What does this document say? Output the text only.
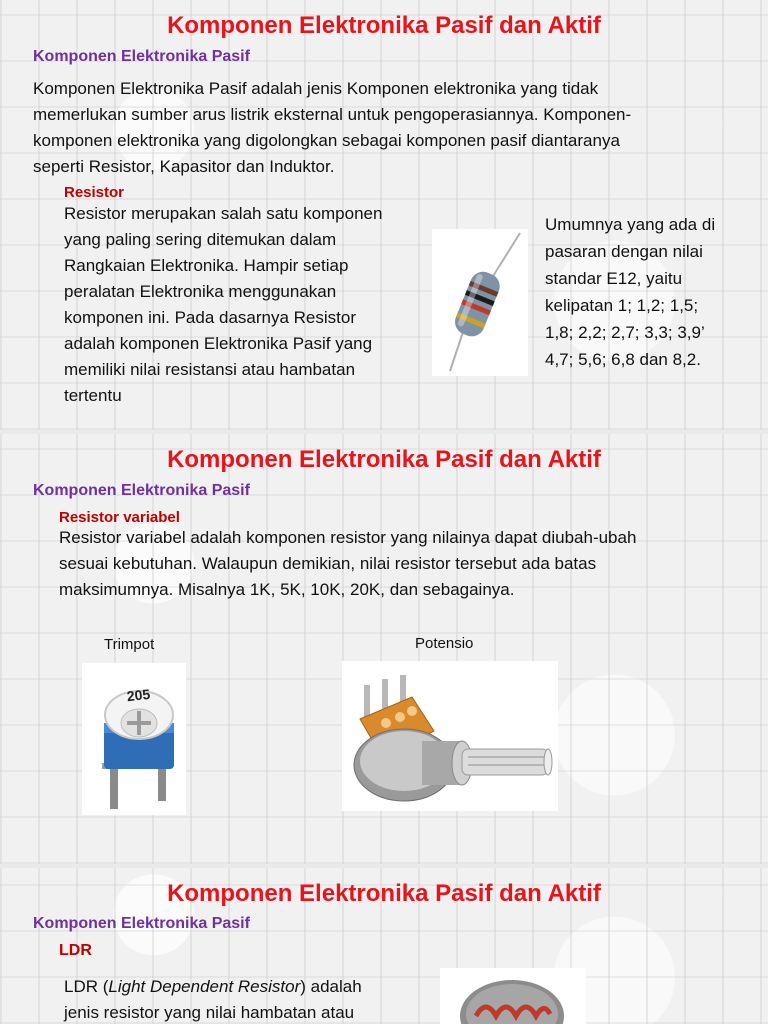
Komponen Elektronika Pasif dan Aktif
Komponen Elektronika Pasif
Komponen Elektronika Pasif adalah jenis Komponen elektronika yang tidak
memerlukan sumber arus listrik eksternal untuk pengoperasiannya. Komponen-
komponen elektronika yang digolongkan sebagai komponen pasif diantaranya
seperti Resistor, Kapasitor dan Induktor.
Resistor
Resistor merupakan salah satu komponen
yang paling sering ditemukan dalam
Rangkaian Elektronika. Hampir setiap
peralatan Elektronika menggunakan
komponen ini. Pada dasarnya Resistor
adalah komponen Elektronika Pasif yang
memiliki nilai resistansi atau hambatan
tertentu
Umumnya yang ada di
pasaran dengan nilai
standar E12, yaitu
kelipatan 1; 1,2; 1,5;
1,8; 2,2; 2,7; 3,3; 3,9’
4,7; 5,6; 6,8 dan 8,2.
Komponen Elektronika Pasif dan Aktif
Komponen Elektronika Pasif
Resistor variabel
Resistor variabel adalah komponen resistor yang nilainya dapat diubah-ubah
sesuai kebutuhan. Walaupun demikian, nilai resistor tersebut ada batas
maksimumnya. Misalnya 1K, 5K, 10K, 20K, dan sebagainya.
Trimpot	Potensio
205
Komponen Elektronika Pasif dan Aktif
Komponen Elektronika Pasif
LDR
LDR (Light Dependent Resistor) adalah
jenis resistor yang nilai hambatan atau
